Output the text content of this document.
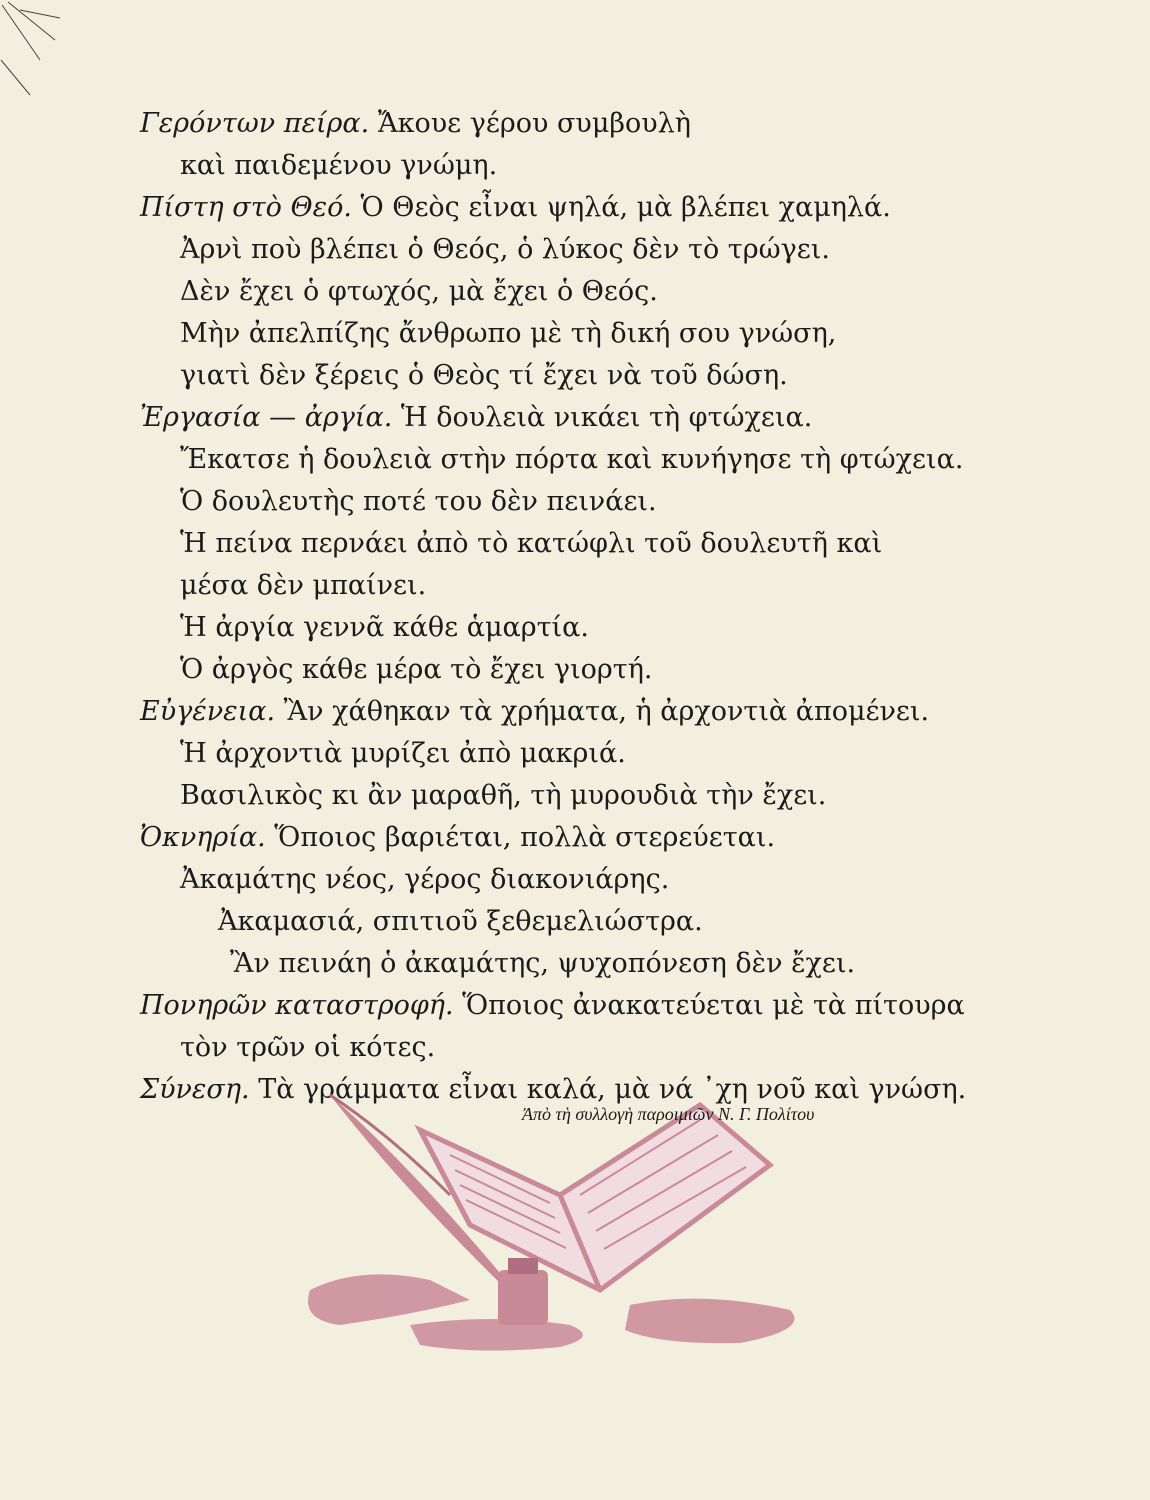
Γερόντων πείρα. Ἄκουε γέρου συμβουλὴ
καὶ παιδεμένου γνώμη.
Πίστη στὸ Θεό. Ὁ Θεὸς εἶναι ψηλά, μὰ βλέπει χαμηλά.
Ἀρνὶ ποὺ βλέπει ὁ Θεός, ὁ λύκος δὲν τὸ τρώγει.
Δὲν ἔχει ὁ φτωχός, μὰ ἔχει ὁ Θεός.
Μὴν ἀπελπίζης ἄνθρωπο μὲ τὴ δική σου γνώση,
γιατὶ δὲν ξέρεις ὁ Θεὸς τί ἔχει νὰ τοῦ δώση.
Ἐργασία — ἀργία. Ἡ δουλειὰ νικάει τὴ φτώχεια.
Ἔκατσε ἡ δουλειὰ στὴν πόρτα καὶ κυνήγησε τὴ φτώχεια.
Ὁ δουλευτὴς ποτέ του δὲν πεινάει.
Ἡ πείνα περνάει ἀπὸ τὸ κατώφλι τοῦ δουλευτῆ καὶ
μέσα δὲν μπαίνει.
Ἡ ἀργία γεννᾶ κάθε ἁμαρτία.
Ὁ ἀργὸς κάθε μέρα τὸ ἔχει γιορτή.
Εὐγένεια. Ἂν χάθηκαν τὰ χρήματα, ἡ ἀρχοντιὰ ἀπομένει.
Ἡ ἀρχοντιὰ μυρίζει ἀπὸ μακριά.
Βασιλικὸς κι ἂν μαραθῆ, τὴ μυρουδιὰ τὴν ἔχει.
Ὀκνηρία. Ὅποιος βαριέται, πολλὰ στερεύεται.
Ἀκαμάτης νέος, γέρος διακονιάρης.
Ἀκαμασιά, σπιτιοῦ ξεθεμελιώστρα.
Ἂν πεινάη ὁ ἀκαμάτης, ψυχοπόνεση δὲν ἔχει.
Πονηρῶν καταστροφή. Ὅποιος ἀνακατεύεται μὲ τὰ πίτουρα
τὸν τρῶν οἱ κότες.
Σύνεση. Τὰ γράμματα εἶναι καλά, μὰ νά ᾽χη νοῦ καὶ γνώση.
Ἀπὸ τὴ συλλογὴ παροιμιῶν Ν. Γ. Πολίτου
